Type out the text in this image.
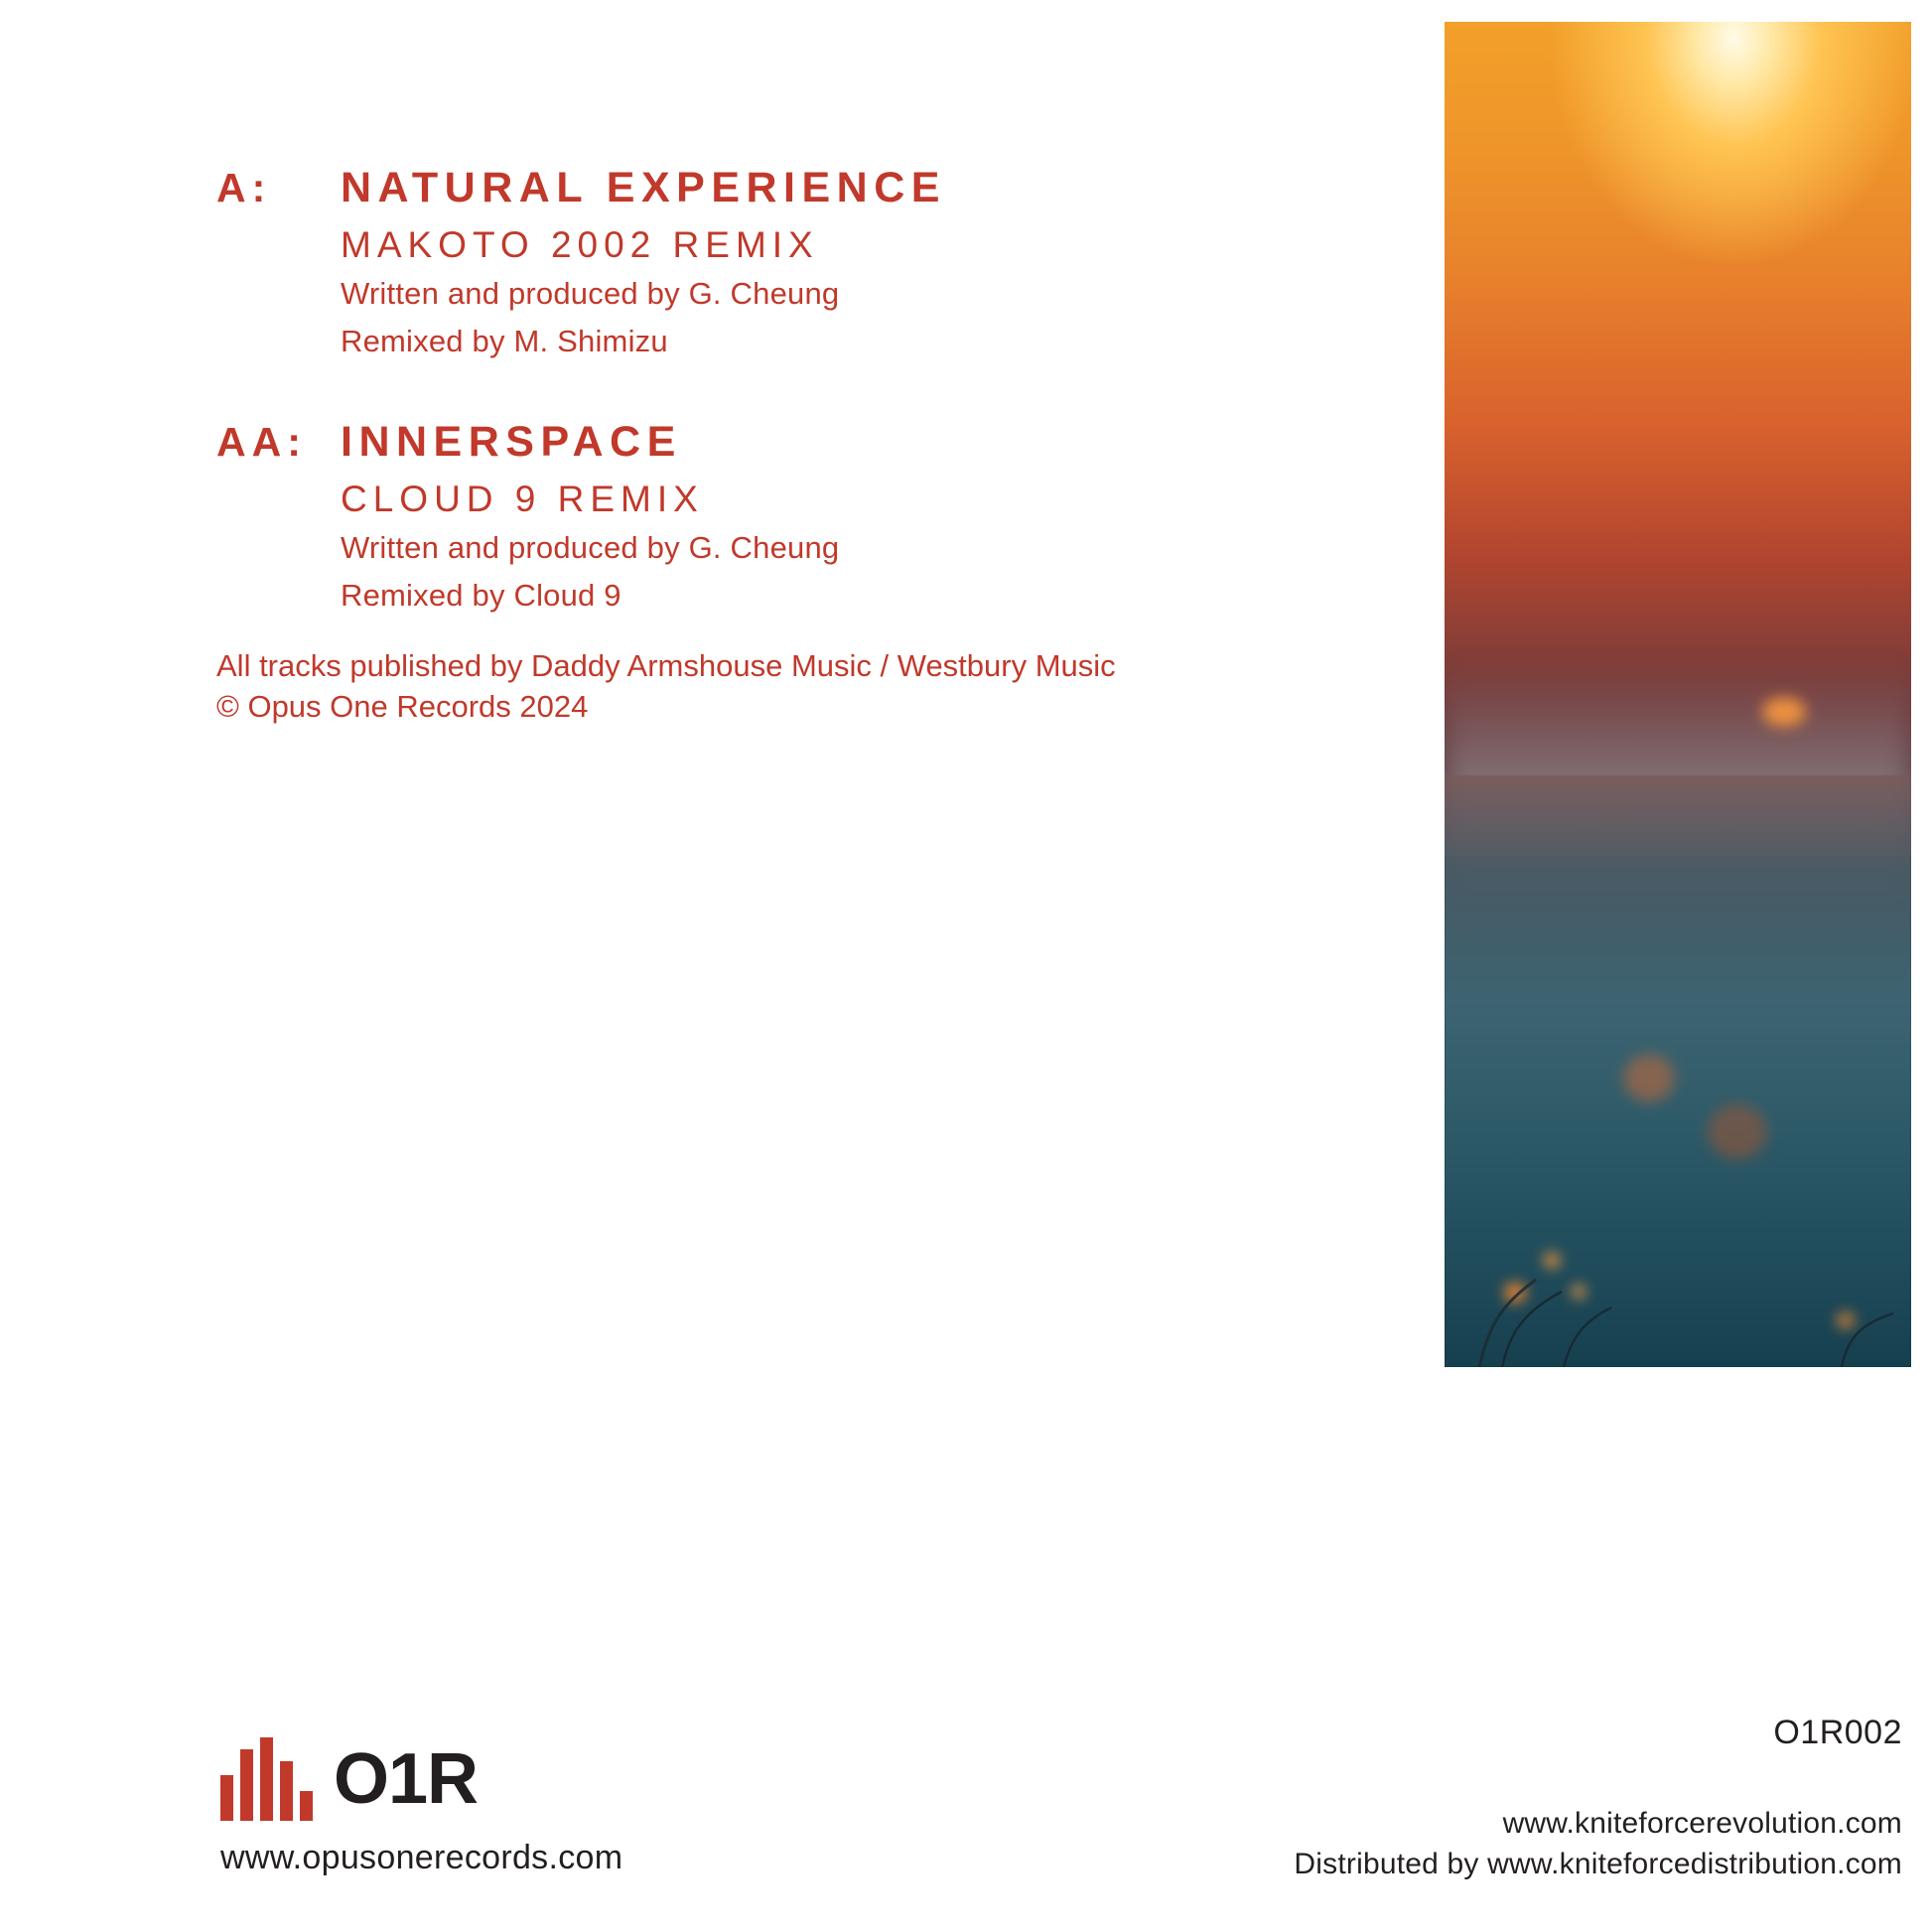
A:	NATURAL EXPERIENCE
MAKOTO 2002 REMIX
Written and produced by G. Cheung
Remixed by M. Shimizu
AA: INNERSPACE
CLOUD 9 REMIX
Written and produced by G. Cheung
Remixed by Cloud 9
All tracks published by Daddy Armshouse Music / Westbury Music
© Opus One Records 2024
O1R
www.opusonerecords.com
O1R002
www.kniteforcerevolution.com
Distributed by www.kniteforcedistribution.com
